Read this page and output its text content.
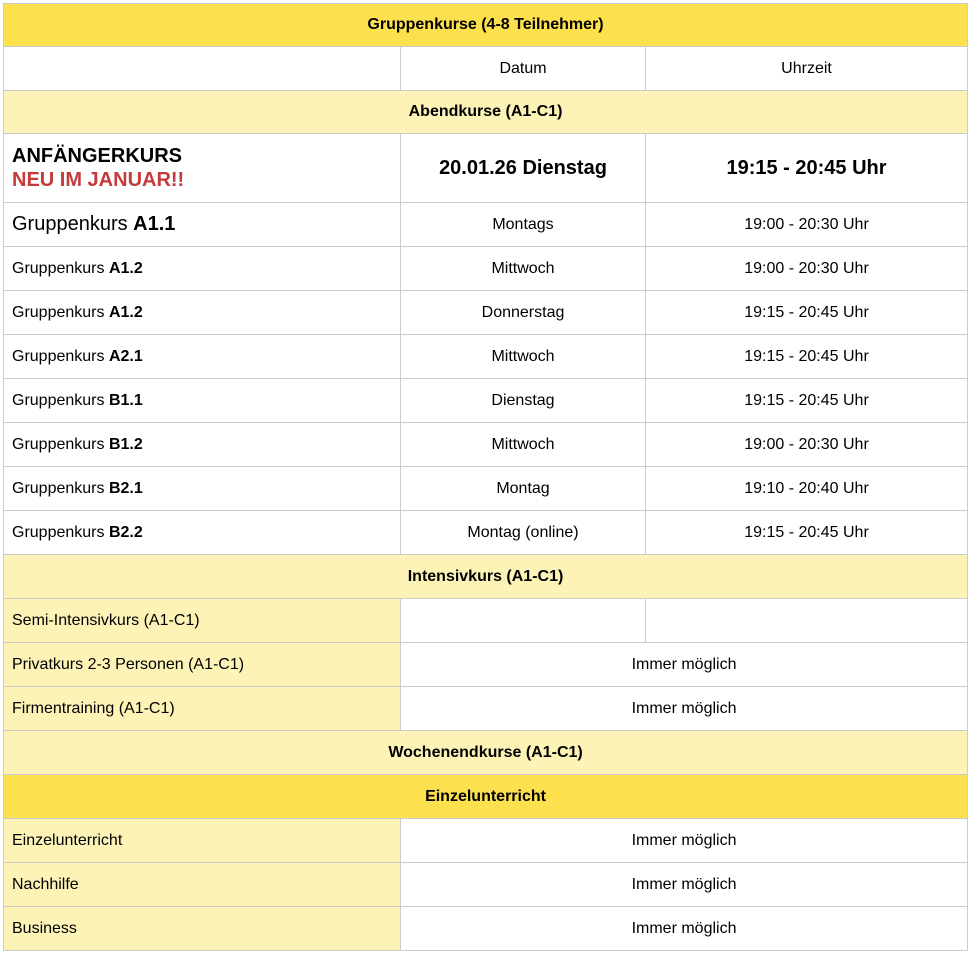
Gruppenkurse (4-8 Teilnehmer)		
	Datum	Uhrzeit
Abendkurse (A1-C1)		

ANFÄNGERKURS
NEU IM JANUAR!!	20.01.26 Dienstag	19:15 - 20:45 Uhr
Gruppenkurs A1.1	Montags	19:00 - 20:30 Uhr
Gruppenkurs A1.2	Mittwoch	19:00 - 20:30 Uhr
Gruppenkurs A1.2	Donnerstag	19:15 - 20:45 Uhr
Gruppenkurs A2.1	Mittwoch	19:15 - 20:45 Uhr
Gruppenkurs B1.1	Dienstag	19:15 - 20:45 Uhr
Gruppenkurs B1.2	Mittwoch	19:00 - 20:30 Uhr
Gruppenkurs B2.1	Montag	19:10 - 20:40 Uhr
Gruppenkurs B2.2	Montag (online)	19:15 - 20:45 Uhr
Intensivkurs (A1-C1)		
Semi-Intensivkurs (A1-C1)		
Privatkurs 2-3 Personen (A1-C1)	Immer möglich	
Firmentraining (A1-C1)	Immer möglich	
Wochenendkurse (A1-C1)		
Einzelunterricht		
Einzelunterricht	Immer möglich	
Nachhilfe	Immer möglich	
Business	Immer möglich	
